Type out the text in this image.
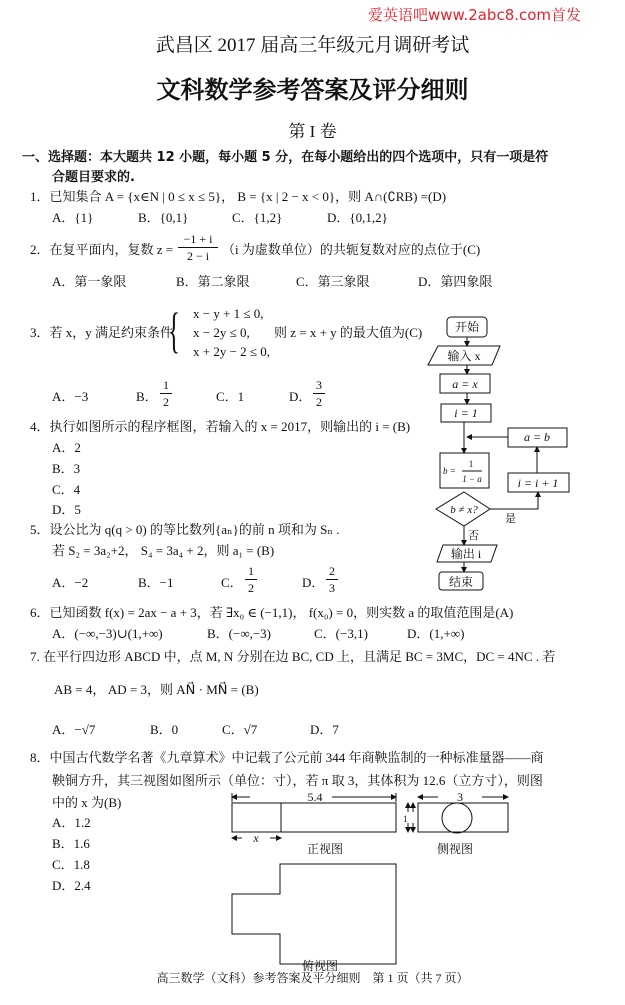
爱英语吧www.2abc8.com首发
武昌区 2017 届高三年级元月调研考试
文科数学参考答案及评分细则
第 I 卷
一、选择题：本大题共 12 小题，每小题 5 分，在每小题给出的四个选项中，只有一项是符
合题目要求的.
1．已知集合 A = {x∈N | 0 ≤ x ≤ 5}， B = {x | 2 − x < 0}，则 A∩(∁RB) =(D)
A．{1}	B．{0,1}	C．{1,2}	D．{0,1,2}
2．在复平面内，复数 z =
−1 + i
2 − i （i 为虚数单位）的共轭复数对应的点位于(C)
A．第一象限	B．第二象限	C．第三象限	D．第四象限
3．若 x，y 满足约束条件
{ x − y + 1 ≤ 0,
x − 2y ≤ 0,
x + 2y − 2 ≤ 0,
则 z = x + y 的最大值为(C)
A．−3	B．
1
2	C．1	D．
3
2
4．执行如图所示的程序框图，若输入的 x = 2017，则输出的 i = (B)
A．2
B．3
C．4
D．5
5．设公比为 q(q > 0) 的等比数列{aₙ}的前 n 项和为 Sₙ .
若 S₂ = 3a₂+2， S₄ = 3a₄ + 2，则 a₁ = (B)
A．−2	B．−1	C．
1
2	D．
2
3
开始
输入 x
a = x
i = 1
b =
1
1 − a
b ≠ x?
是
否
a = b
i = i + 1
输出 i
结束
6．已知函数 f(x) = 2ax − a + 3，若 ∃x₀ ∈ (−1,1)， f(x₀) = 0，则实数 a 的取值范围是(A)
A．(−∞,−3)∪(1,+∞)	B．(−∞,−3)	C．(−3,1)	D．(1,+∞)
7. 在平行四边形 ABCD 中，点 M, N 分别在边 BC, CD 上，且满足 BC = 3MC，DC = 4NC . 若
AB = 4， AD = 3，则 AN⃗ · MN⃗ = (B)
A．−√7	B．0	C．√7	D．7
8．中国古代数学名著《九章算术》中记载了公元前 344 年商鞅监制的一种标准量器——商
鞅铜方升，其三视图如图所示（单位：寸），若 π 取 3，其体积为 12.6（立方寸），则图
中的 x 为(B)
A．1.2
B．1.6
C．1.8
D．2.4
5.4	3
1
x
正视图	侧视图
俯视图
高三数学（文科）参考答案及平分细则　第 1 页（共 7 页）
